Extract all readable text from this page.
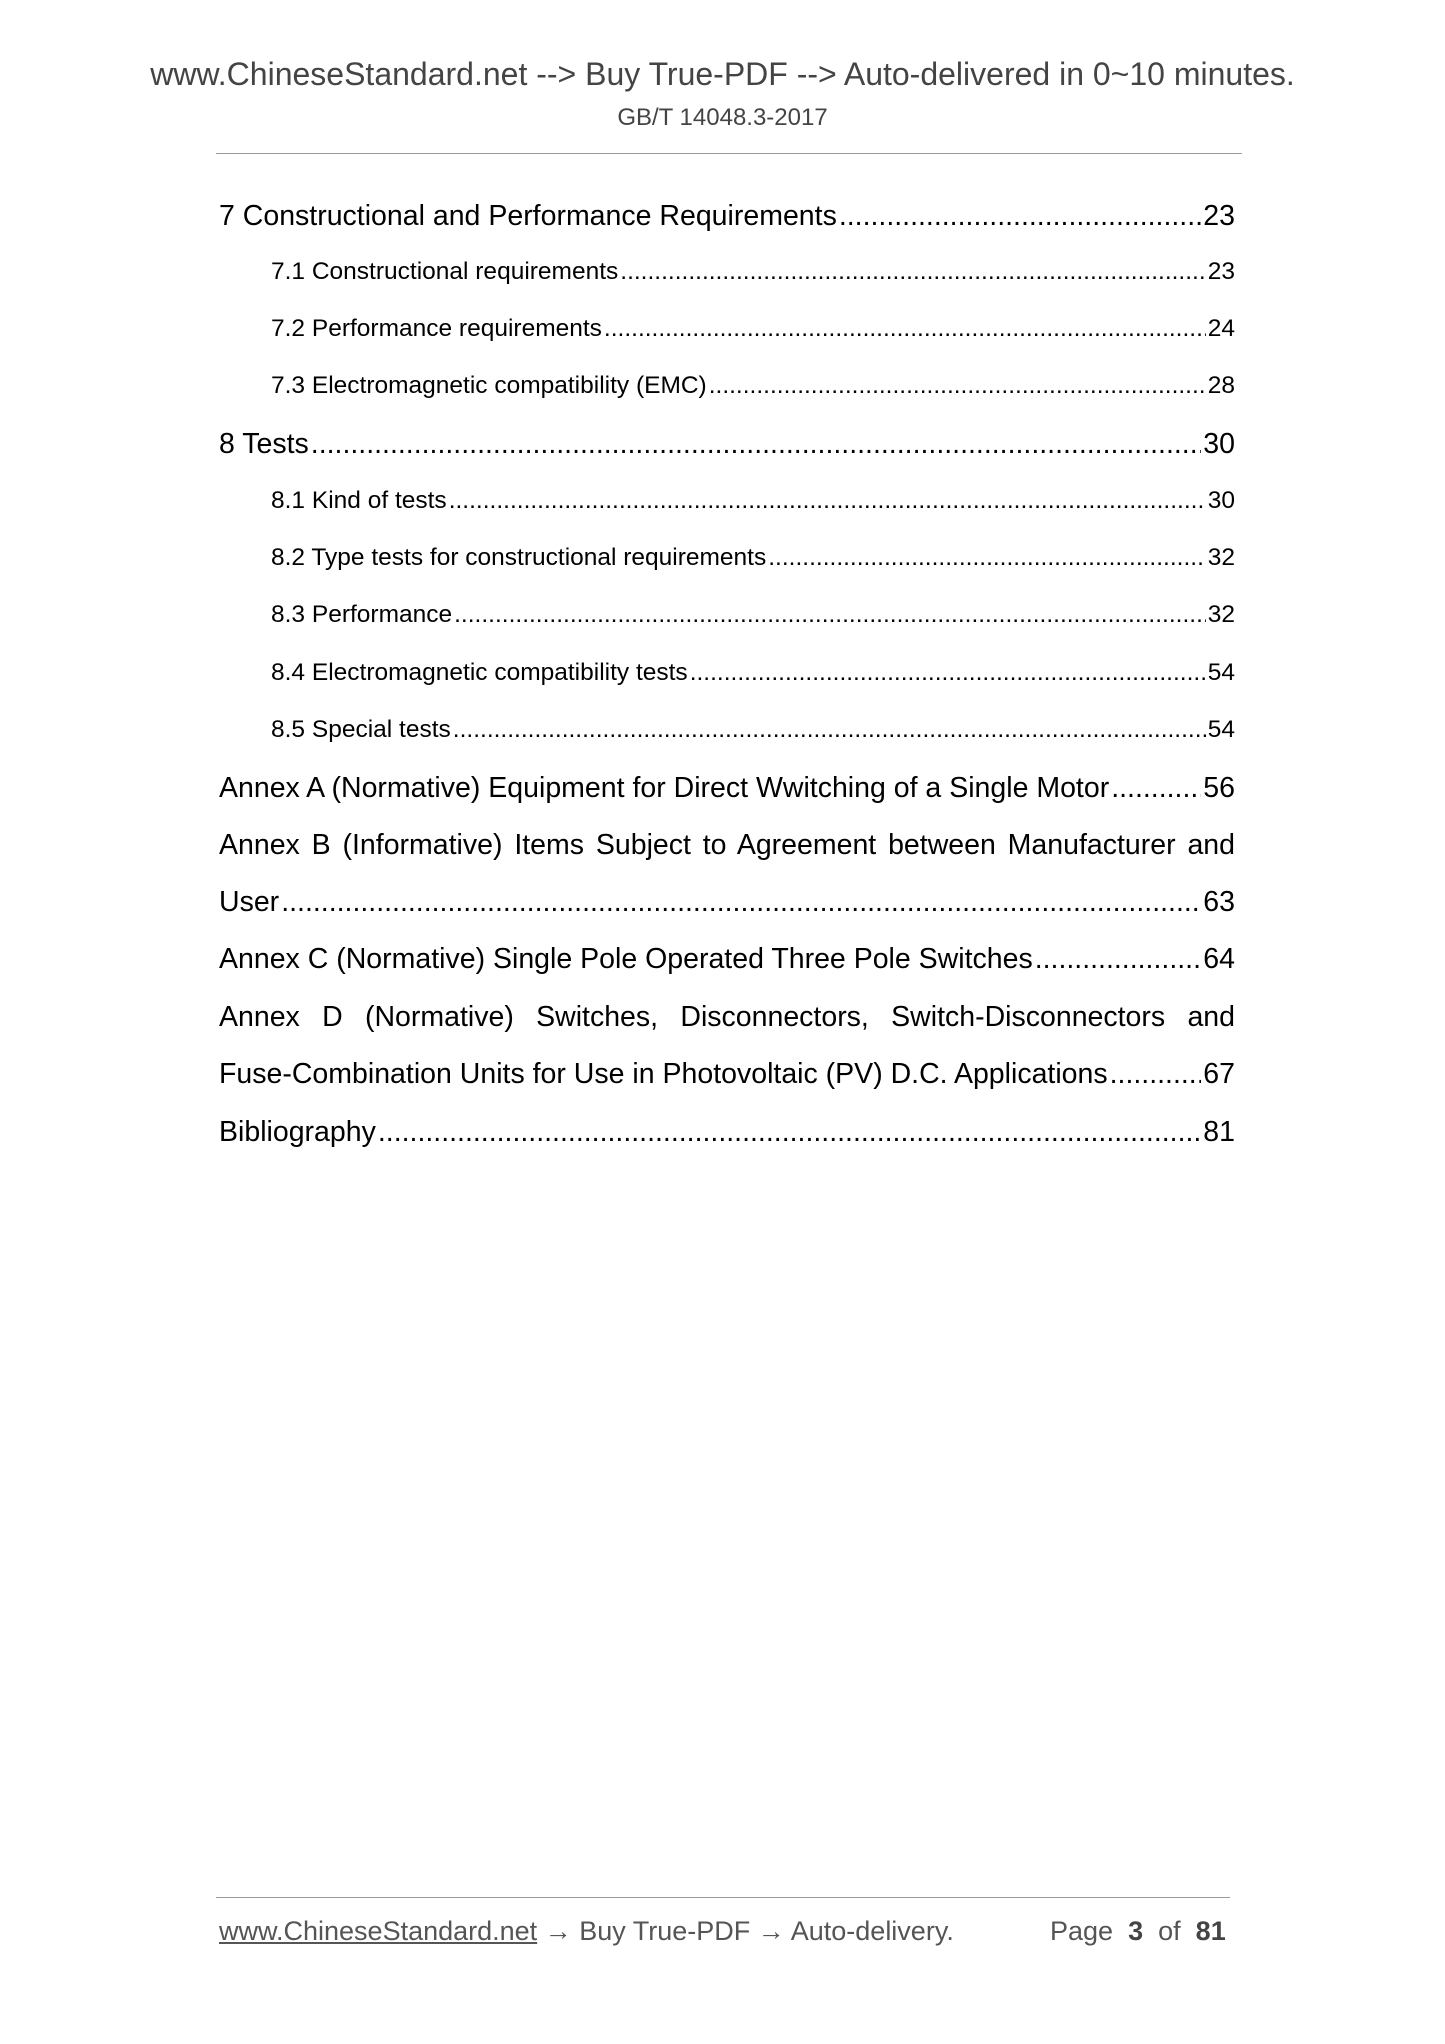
www.ChineseStandard.net --> Buy True-PDF --> Auto-delivered in 0~10 minutes.
GB/T 14048.3-2017
7 Constructional and Performance Requirements .....	23
7.1 Constructional requirements .....	23
7.2 Performance requirements .....	24
7.3 Electromagnetic compatibility (EMC) .....	28
8 Tests .....	30
8.1 Kind of tests .....	30
8.2 Type tests for constructional requirements .....	32
8.3 Performance .....	32
8.4 Electromagnetic compatibility tests .....	54
8.5 Special tests .....	54
Annex A (Normative) Equipment for Direct Wwitching of a Single Motor .....	56
Annex B (Informative) Items Subject to Agreement between Manufacturer and
User .....	63
Annex C (Normative) Single Pole Operated Three Pole Switches .....	64
Annex D (Normative) Switches, Disconnectors, Switch-Disconnectors and
Fuse-Combination Units for Use in Photovoltaic (PV) D.C. Applications .....	67
Bibliography .....	81
www.ChineseStandard.net → Buy True-PDF → Auto-delivery.	Page 3 of 81
